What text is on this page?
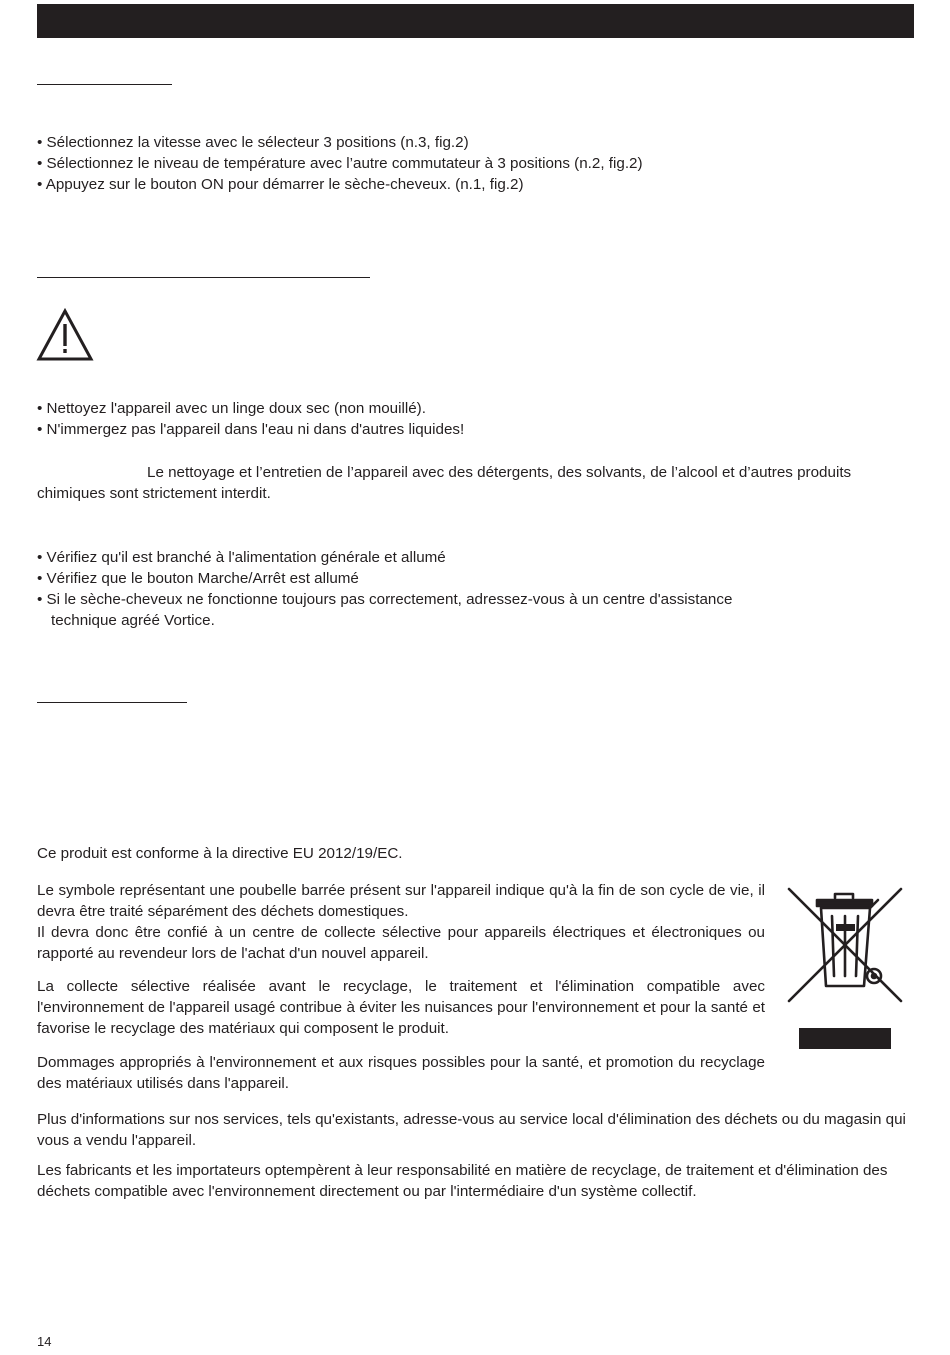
• Sélectionnez la vitesse avec le sélecteur 3 positions (n.3, fig.2)
• Sélectionnez le niveau de température avec l’autre commutateur à 3 positions (n.2, fig.2)
• Appuyez sur le bouton ON pour démarrer le sèche-cheveux. (n.1, fig.2)
• Nettoyez l'appareil avec un linge doux sec (non mouillé).
• N'immergez pas l'appareil dans l'eau ni dans d'autres liquides!

Le nettoyage et l’entretien de l’appareil avec des détergents, des solvants, de l’alcool et d’autres produits chimiques sont strictement interdit.

• Vérifiez qu'il est branché à l'alimentation générale et allumé
• Vérifiez que le bouton Marche/Arrêt est allumé
• Si le sèche-cheveux ne fonctionne toujours pas correctement, adressez-vous à un centre d'assistance
technique agréé Vortice.

Ce produit est conforme à la directive EU 2012/19/EC.

Le symbole représentant une poubelle barrée présent sur l'appareil indique qu'à la fin de son cycle de vie, il devra être traité séparément des déchets domestiques.

Il devra donc être confié à un centre de collecte sélective pour appareils électriques et électroniques ou rapporté au revendeur lors de l'achat d'un nouvel appareil.

La collecte sélective réalisée avant le recyclage, le traitement et l'élimination compatible avec l'environnement de l'appareil usagé contribue à éviter les nuisances pour l'environnement et pour la santé et favorise le recyclage des matériaux qui composent le produit.

Dommages appropriés à l'environnement et aux risques possibles pour la santé, et promotion du recyclage des matériaux utilisés dans l'appareil.

Plus d'informations sur nos services, tels qu'existants, adresse-vous au service local d'élimination des déchets ou du magasin qui vous a vendu l'appareil.

Les fabricants et les importateurs optempèrent à leur responsabilité en matière de recyclage, de traitement et d'élimination des déchets compatible avec l'environnement directement ou par l'intermédiaire d'un système collectif.

14
